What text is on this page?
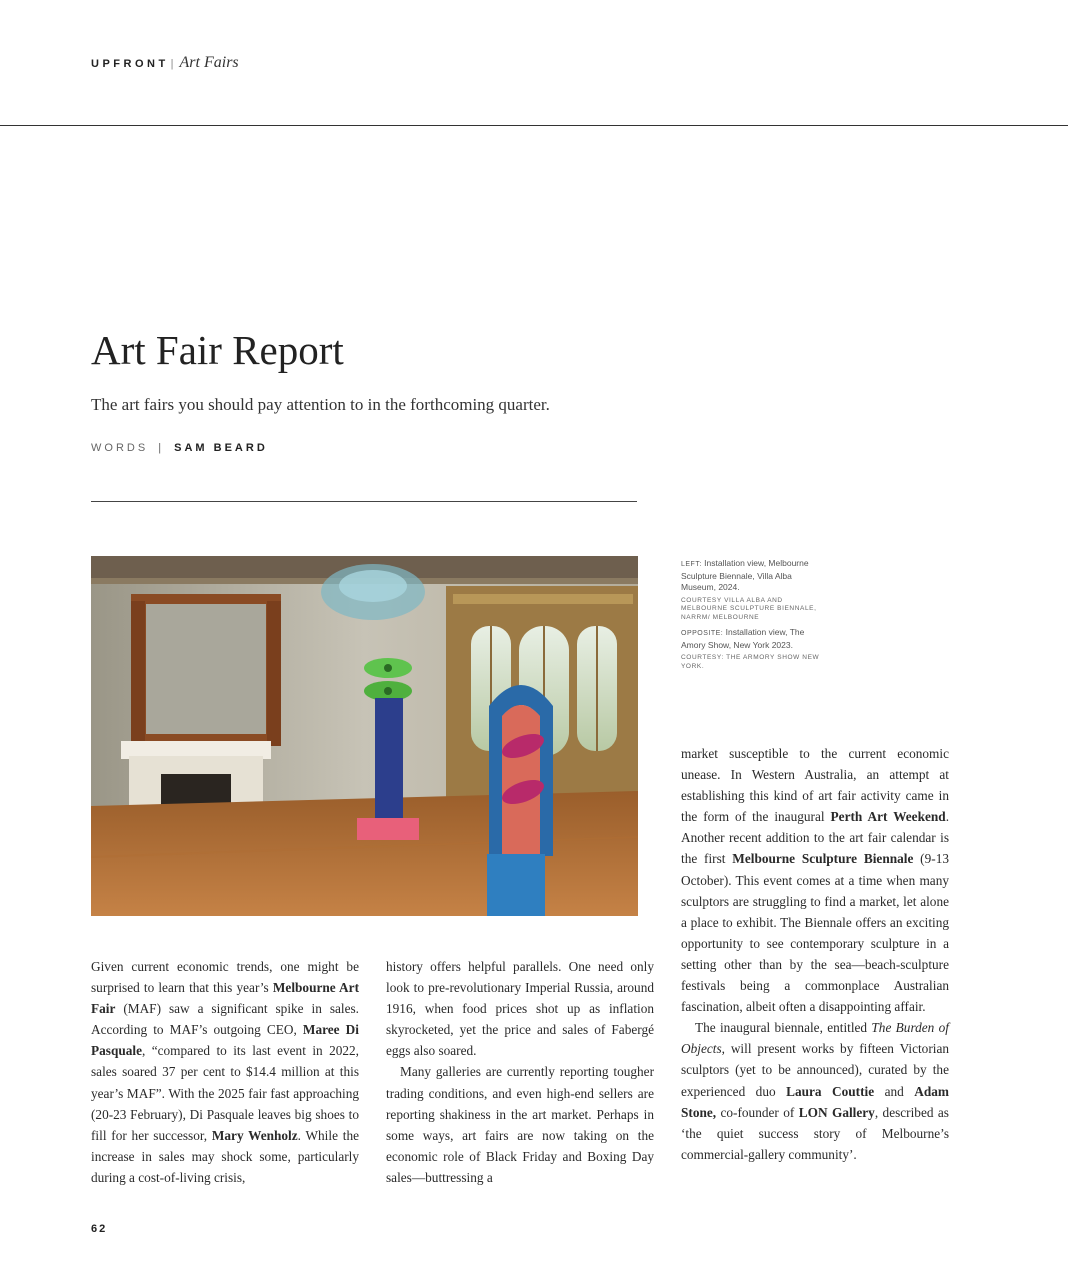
UPFRONT | Art Fairs
Art Fair Report

The art fairs you should pay attention to in the forthcoming quarter.

WORDS | SAM BEARD
LEFT: Installation view, Melbourne Sculpture Biennale, Villa Alba Museum, 2024.
COURTESY VILLA ALBA AND MELBOURNE SCULPTURE BIENNALE, NARRM/ MELBOURNE
OPPOSITE: Installation view, The Amory Show, New York 2023.
COURTESY: THE ARMORY SHOW NEW YORK.

Given current economic trends, one might be surprised to learn that this year’s Melbourne Art Fair (MAF) saw a significant spike in sales. According to MAF’s outgoing CEO, Maree Di Pasquale, “compared to its last event in 2022, sales soared 37 per cent to $14.4 million at this year’s MAF”. With the 2025 fair fast approaching (20-23 February), Di Pasquale leaves big shoes to fill for her successor, Mary Wenholz. While the increase in sales may shock some, particularly during a cost-of-living crisis,

history offers helpful parallels. One need only look to pre-revolutionary Imperial Russia, around 1916, when food prices shot up as inflation skyrocketed, yet the price and sales of Fabergé eggs also soared.

Many galleries are currently reporting tougher trading conditions, and even high-end sellers are reporting shakiness in the art market. Perhaps in some ways, art fairs are now taking on the economic role of Black Friday and Boxing Day sales—buttressing a

market susceptible to the current economic unease. In Western Australia, an attempt at establishing this kind of art fair activity came in the form of the inaugural Perth Art Weekend. Another recent addition to the art fair calendar is the first Melbourne Sculpture Biennale (9-13 October). This event comes at a time when many sculptors are struggling to find a market, let alone a place to exhibit. The Biennale offers an exciting opportunity to see contemporary sculpture in a setting other than by the sea—beach-sculpture festivals being a commonplace Australian fascination, albeit often a disappointing affair.

The inaugural biennale, entitled The Burden of Objects, will present works by fifteen Victorian sculptors (yet to be announced), curated by the experienced duo Laura Couttie and Adam Stone, co-founder of LON Gallery, described as ‘the quiet success story of Melbourne’s commercial-gallery community’.

62
